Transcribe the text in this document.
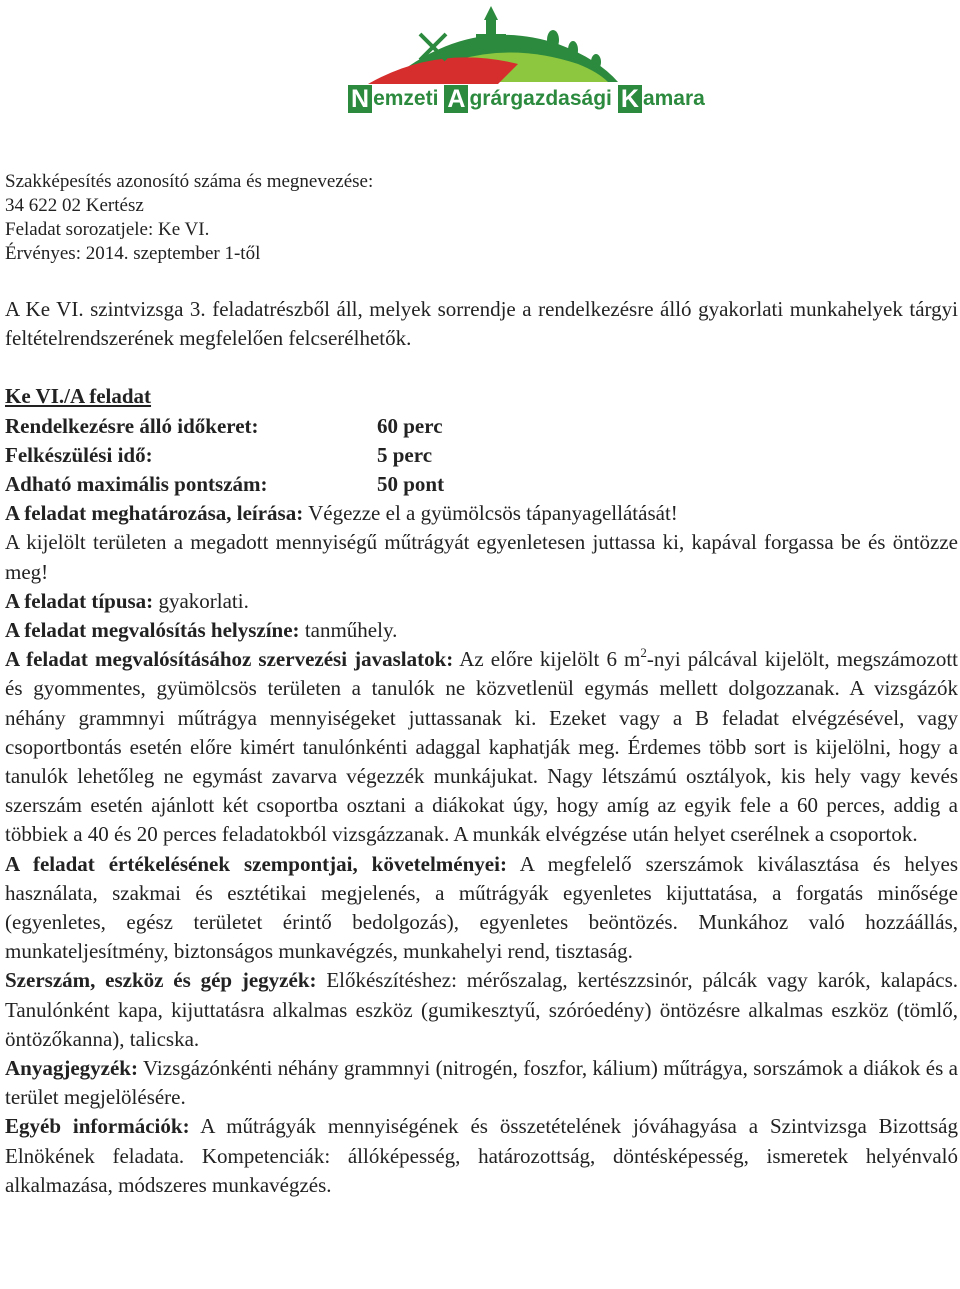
N emzeti A grárgazdasági K amara
Szakképesítés azonosító száma és megnevezése:
34 622 02 Kertész
Feladat sorozatjele: Ke VI.
Érvényes: 2014. szeptember 1-től

A Ke VI. szintvizsga 3. feladatrészből áll, melyek sorrendje a rendelkezésre álló gyakorlati munkahelyek tárgyi feltételrendszerének megfelelően felcserélhetők.

Ke VI./A feladat

Rendelkezésre álló időkeret:	60 perc
Felkészülési idő:	5 perc
Adható maximális pontszám:	50 pont

A feladat meghatározása, leírása: Végezze el a gyümölcsös tápanyagellátását!

A kijelölt területen a megadott mennyiségű műtrágyát egyenletesen juttassa ki, kapával forgassa be és öntözze meg!

A feladat típusa: gyakorlati.

A feladat megvalósítás helyszíne: tanműhely.

A feladat megvalósításához szervezési javaslatok: Az előre kijelölt 6 $m^2$-nyi pálcával kijelölt, megszámozott és gyommentes, gyümölcsös területen a tanulók ne közvetlenül egymás mellett dolgozzanak. A vizsgázók néhány grammnyi műtrágya mennyiségeket juttassanak ki. Ezeket vagy a B feladat elvégzésével, vagy csoportbontás esetén előre kimért tanulónkénti adaggal kaphatják meg. Érdemes több sort is kijelölni, hogy a tanulók lehetőleg ne egymást zavarva végezzék munkájukat. Nagy létszámú osztályok, kis hely vagy kevés szerszám esetén ajánlott két csoportba osztani a diákokat úgy, hogy amíg az egyik fele a 60 perces, addig a többiek a 40 és 20 perces feladatokból vizsgázzanak. A munkák elvégzése után helyet cserélnek a csoportok.

A feladat értékelésének szempontjai, követelményei: A megfelelő szerszámok kiválasztása és helyes használata, szakmai és esztétikai megjelenés, a műtrágyák egyenletes kijuttatása, a forgatás minősége (egyenletes, egész területet érintő bedolgozás), egyenletes beöntözés. Munkához való hozzáállás, munkateljesítmény, biztonságos munkavégzés, munkahelyi rend, tisztaság.

Szerszám, eszköz és gép jegyzék: Előkészítéshez: mérőszalag, kertészzsinór, pálcák vagy karók, kalapács. Tanulónként kapa, kijuttatásra alkalmas eszköz (gumikesztyű, szóróedény) öntözésre alkalmas eszköz (tömlő, öntözőkanna), talicska.

Anyagjegyzék: Vizsgázónkénti néhány grammnyi (nitrogén, foszfor, kálium) műtrágya, sorszámok a diákok és a terület megjelölésére.

Egyéb információk: A műtrágyák mennyiségének és összetételének jóváhagyása a Szintvizsga Bizottság Elnökének feladata. Kompetenciák: állóképesség, határozottság, döntésképesség, ismeretek helyénvaló alkalmazása, módszeres munkavégzés.
